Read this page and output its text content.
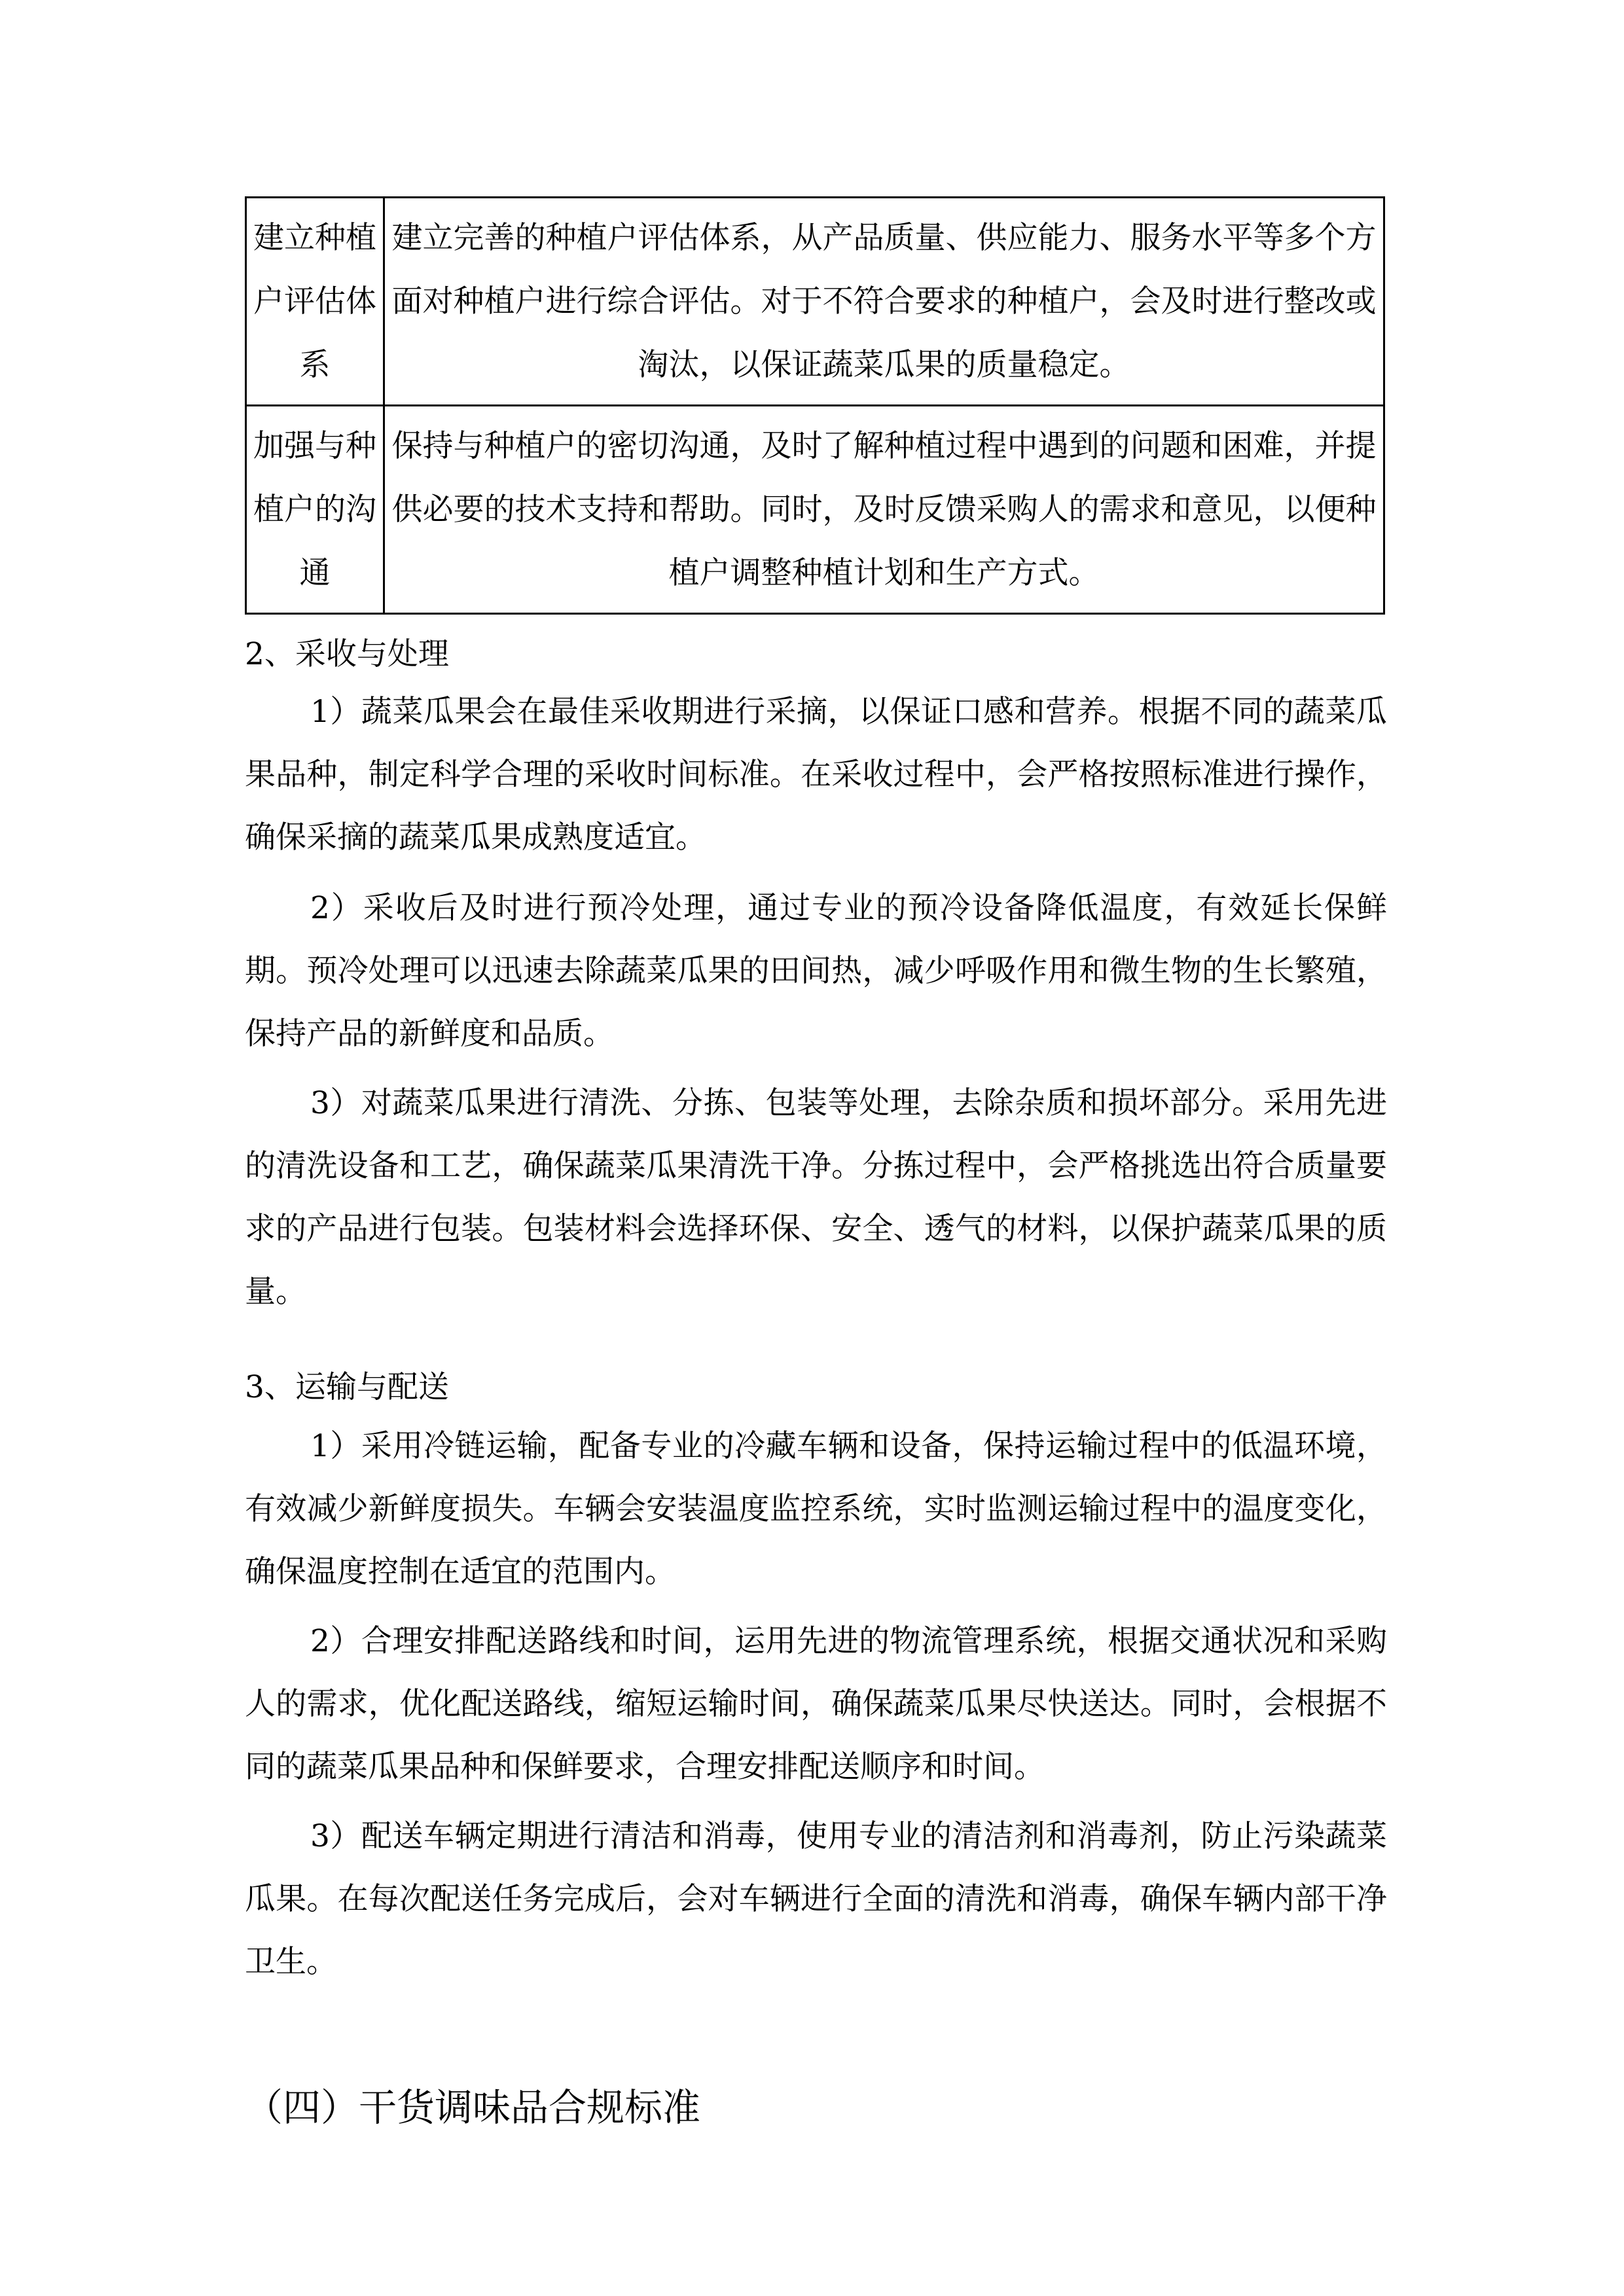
建立种植户评估体系	建立完善的种植户评估体系，从产品质量、供应能力、服务水平等多个方面对种植户进行综合评估。对于不符合要求的种植户，会及时进行整改或淘汰，以保证蔬菜瓜果的质量稳定。
加强与种植户的沟通	保持与种植户的密切沟通，及时了解种植过程中遇到的问题和困难，并提供必要的技术支持和帮助。同时，及时反馈采购人的需求和意见，以便种植户调整种植计划和生产方式。
2、采收与处理

1）蔬菜瓜果会在最佳采收期进行采摘，以保证口感和营养。根据不同的蔬菜瓜果品种，制定科学合理的采收时间标准。在采收过程中，会严格按照标准进行操作，确保采摘的蔬菜瓜果成熟度适宜。

2）采收后及时进行预冷处理，通过专业的预冷设备降低温度，有效延长保鲜期。预冷处理可以迅速去除蔬菜瓜果的田间热，减少呼吸作用和微生物的生长繁殖，保持产品的新鲜度和品质。

3）对蔬菜瓜果进行清洗、分拣、包装等处理，去除杂质和损坏部分。采用先进的清洗设备和工艺，确保蔬菜瓜果清洗干净。分拣过程中，会严格挑选出符合质量要求的产品进行包装。包装材料会选择环保、安全、透气的材料，以保护蔬菜瓜果的质量。

3、运输与配送

1）采用冷链运输，配备专业的冷藏车辆和设备，保持运输过程中的低温环境，有效减少新鲜度损失。车辆会安装温度监控系统，实时监测运输过程中的温度变化，确保温度控制在适宜的范围内。

2）合理安排配送路线和时间，运用先进的物流管理系统，根据交通状况和采购人的需求，优化配送路线，缩短运输时间，确保蔬菜瓜果尽快送达。同时，会根据不同的蔬菜瓜果品种和保鲜要求，合理安排配送顺序和时间。

3）配送车辆定期进行清洁和消毒，使用专业的清洁剂和消毒剂，防止污染蔬菜瓜果。在每次配送任务完成后，会对车辆进行全面的清洗和消毒，确保车辆内部干净卫生。

（四）干货调味品合规标准
